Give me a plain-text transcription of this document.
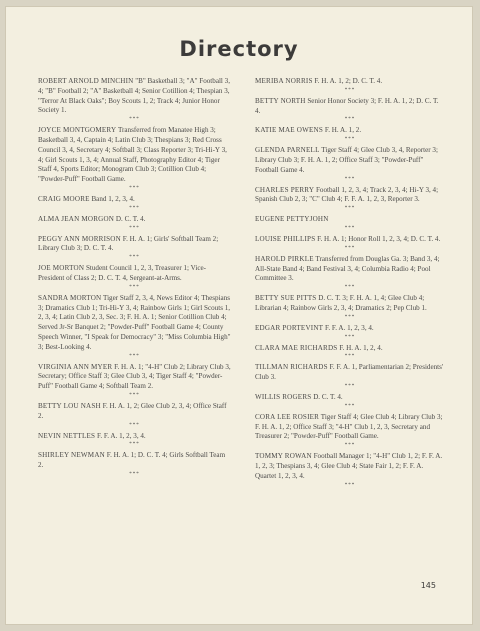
Directory

ROBERT ARNOLD MINCHIN "B" Basketball 3; "A" Football 3, 4; "B" Football 2; "A" Basketball 4; Senior Cotillion 4; Thespian 3, "Terror At Black Oaks"; Boy Scouts 1, 2; Track 4; Junior Honor Society 1.

***

JOYCE MONTGOMERY Transferred from Manatee High 3; Basketball 3, 4, Captain 4; Latin Club 3; Thespians 3; Red Cross Council 3, 4, Secretary 4; Softball 3; Class Reporter 3; Tri-Hi-Y 3, 4; Girl Scouts 1, 3, 4; Annual Staff, Photography Editor 4; Tiger Staff 4, Sports Editor; Monogram Club 3; Cotillion Club 4; "Powder-Puff" Football Game.

***

CRAIG MOORE Band 1, 2, 3, 4.

***

ALMA JEAN MORGON D. C. T. 4.

***

PEGGY ANN MORRISON F. H. A. 1; Girls' Softball Team 2; Library Club 3; D. C. T. 4.

***

JOE MORTON Student Council 1, 2, 3, Treasurer 1; Vice-President of Class 2; D. C. T. 4, Sergeant-at-Arms.

***

SANDRA MORTON Tiger Staff 2, 3, 4, News Editor 4; Thespians 3; Dramatics Club 1; Tri-Hi-Y 3, 4; Rainbow Girls 1; Girl Scouts 1, 2, 3, 4; Latin Club 2, 3, Sec. 3; F. H. A. 1; Senior Cotillion Club 4; Served Jr-Sr Banquet 2; "Powder-Puff" Football Game 4; County Speech Winner, "I Speak for Democracy" 3; "Miss Columbia High" 3; Best-Looking 4.

***

VIRGINIA ANN MYER F. H. A. 1; "4-H" Club 2; Library Club 3, Secretary; Office Staff 3; Glee Club 3, 4; Tiger Staff 4; "Powder-Puff" Football Game 4; Softball Team 2.

***

BETTY LOU NASH F. H. A. 1, 2; Glee Club 2, 3, 4; Office Staff 2.

***

NEVIN NETTLES F. F. A. 1, 2, 3, 4.

***

SHIRLEY NEWMAN F. H. A. 1; D. C. T. 4; Girls Softball Team 2.

***

MERIBA NORRIS F. H. A. 1, 2; D. C. T. 4.

***

BETTY NORTH Senior Honor Society 3; F. H. A. 1, 2; D. C. T. 4.

***

KATIE MAE OWENS F. H. A. 1, 2.

***

GLENDA PARNELL Tiger Staff 4; Glee Club 3, 4, Reporter 3; Library Club 3; F. H. A. 1, 2; Office Staff 3; "Powder-Puff" Football Game 4.

***

CHARLES PERRY Football 1, 2, 3, 4; Track 2, 3, 4; Hi-Y 3, 4; Spanish Club 2, 3; "C" Club 4; F. F. A. 1, 2, 3, Reporter 3.

***

EUGENE PETTYJOHN

***

LOUISE PHILLIPS F. H. A. 1; Honor Roll 1, 2, 3, 4; D. C. T. 4.

***

HAROLD PIRKLE Transferred from Douglas Ga. 3; Band 3, 4; All-State Band 4; Band Festival 3, 4; Columbia Radio 4; Pool Committee 3.

***

BETTY SUE PITTS D. C. T. 3; F. H. A. 1, 4; Glee Club 4; Librarian 4; Rainbow Girls 2, 3, 4; Dramatics 2; Pep Club 1.

***

EDGAR PORTEVINT F. F. A. 1, 2, 3, 4.

***

CLARA MAE RICHARDS F. H. A. 1, 2, 4.

***

TILLMAN RICHARDS F. F. A. 1, Parliamentarian 2; Presidents' Club 3.

***

WILLIS ROGERS D. C. T. 4.

***

CORA LEE ROSIER Tiger Staff 4; Glee Club 4; Library Club 3; F. H. A. 1, 2; Office Staff 3; "4-H" Club 1, 2, 3, Secretary and Treasurer 2; "Powder-Puff" Football Game.

***

TOMMY ROWAN Football Manager 1; "4-H" Club 1, 2; F. F. A. 1, 2, 3; Thespians 3, 4; Glee Club 4; State Fair 1, 2; F. F. A. Quartet 1, 2, 3, 4.

***
145
